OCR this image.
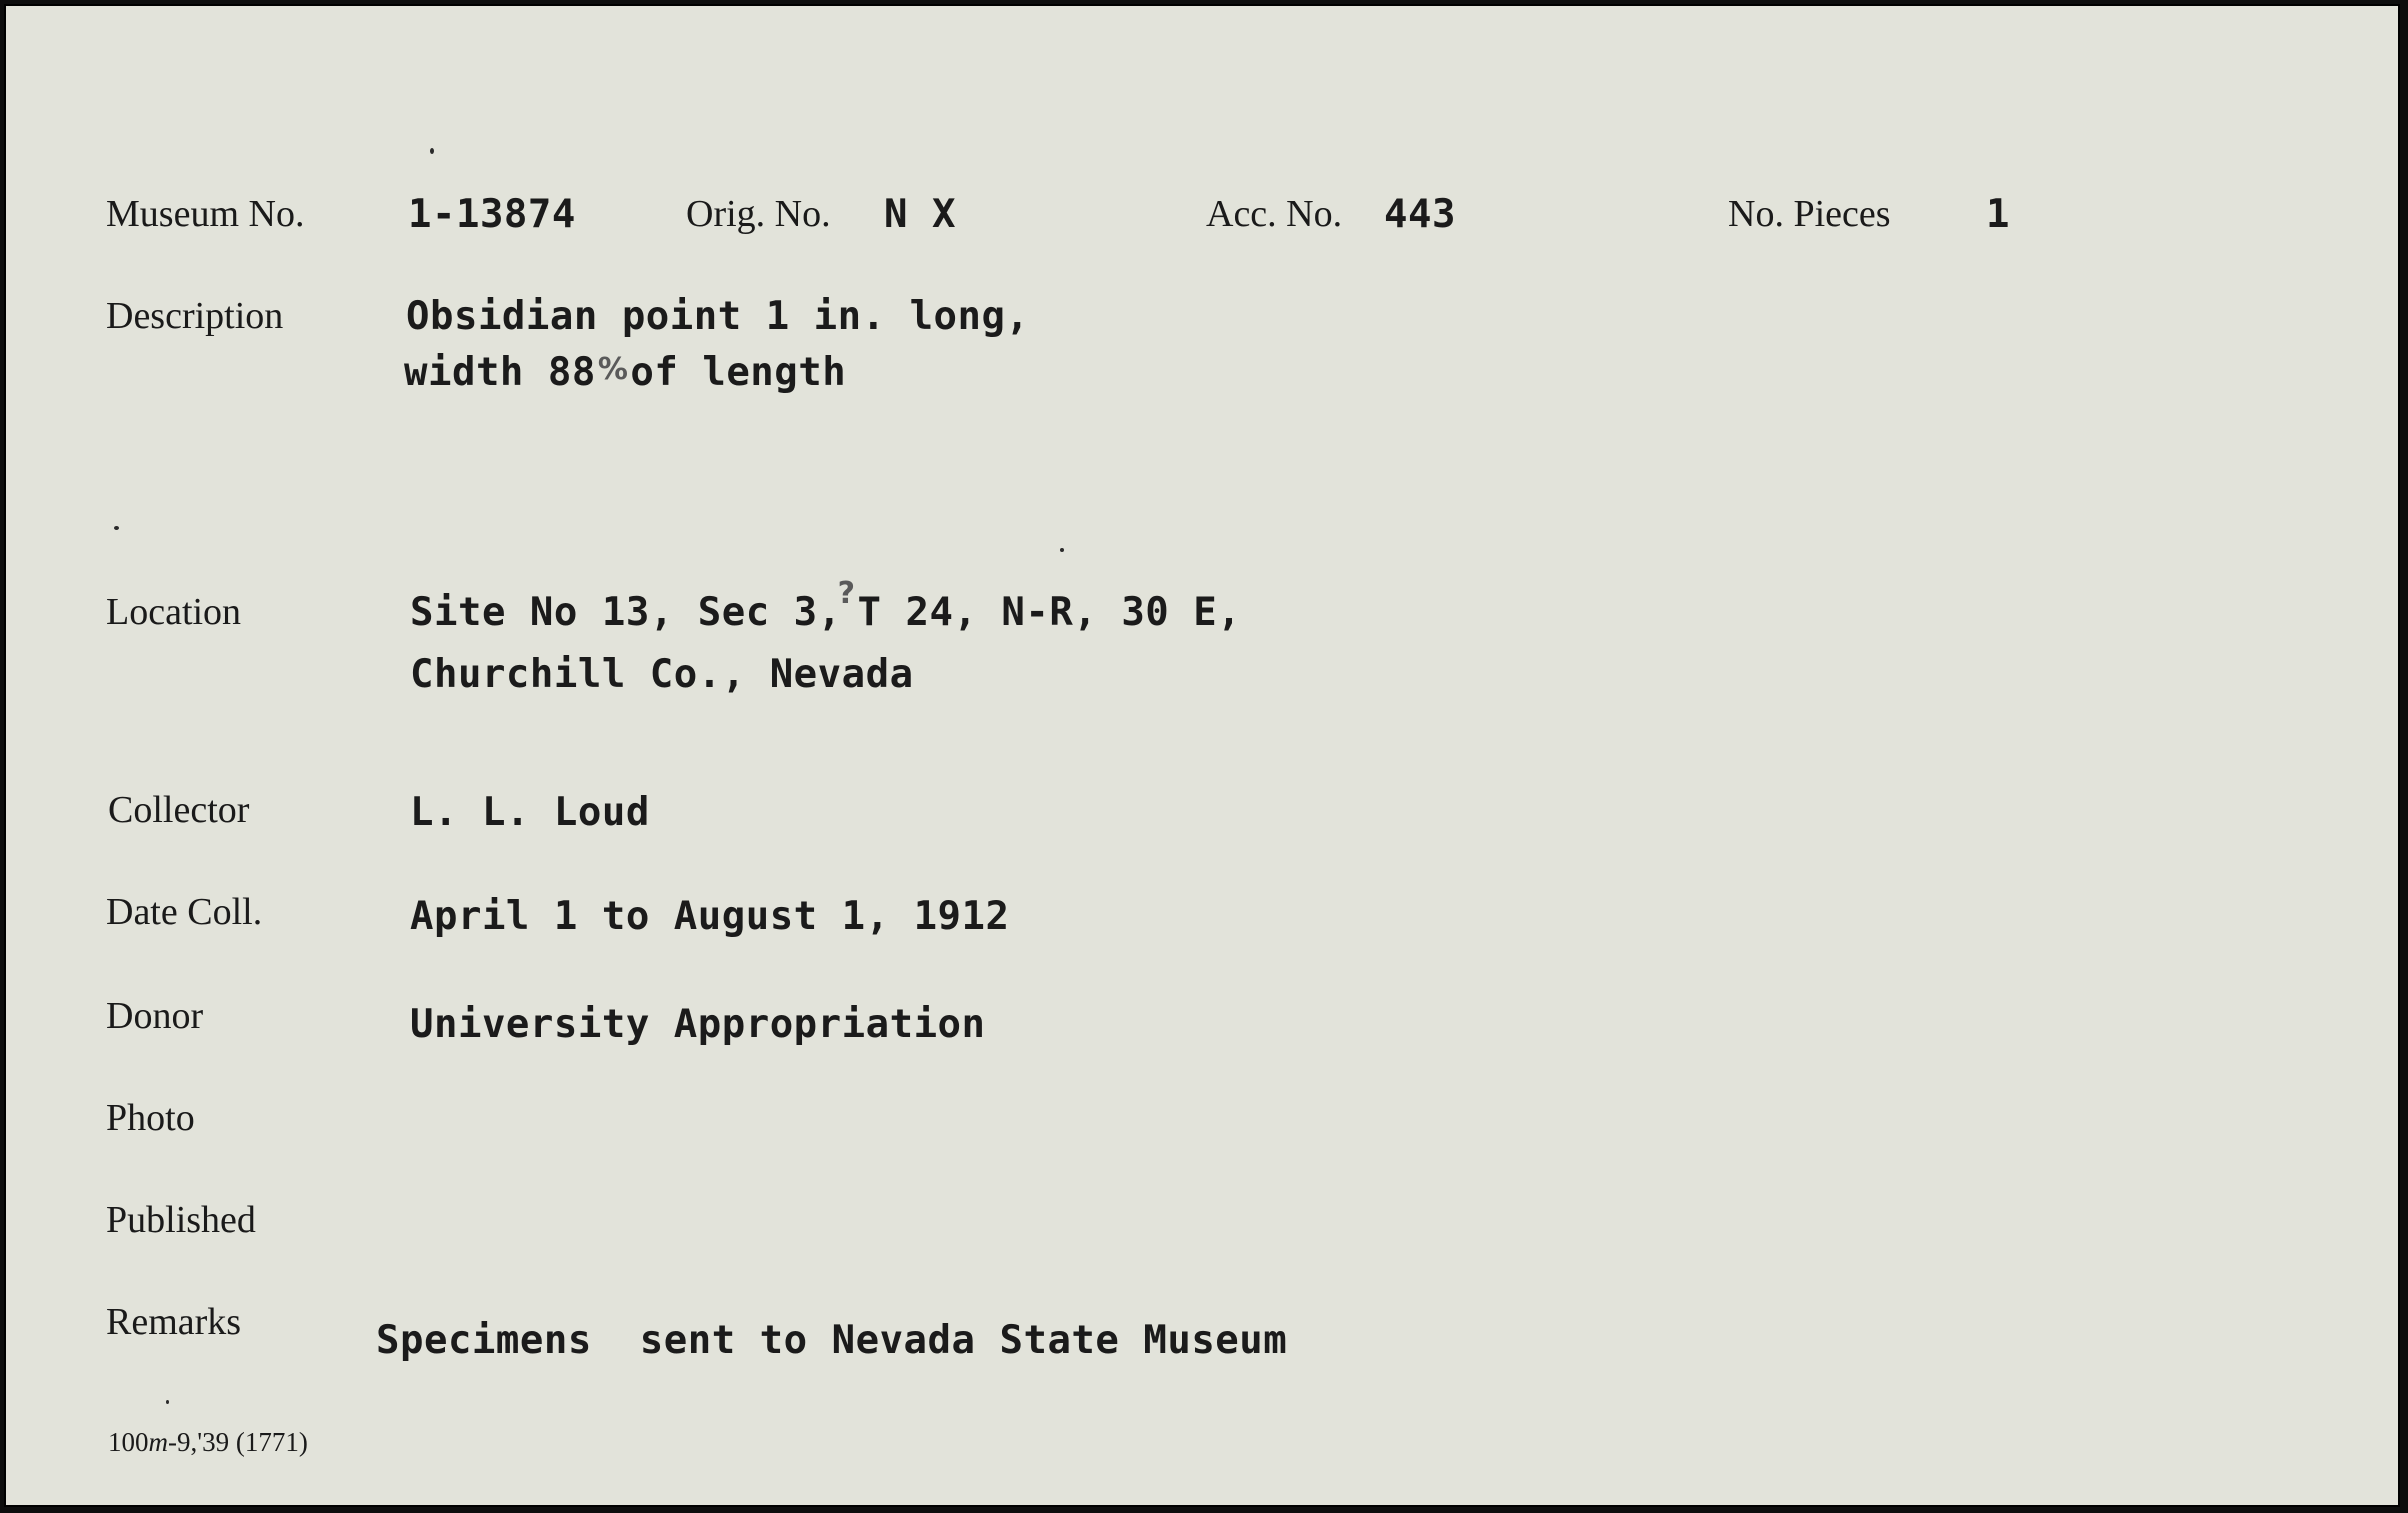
Museum No.	1-13874	Orig. No. N X	Acc. No. 443	No. Pieces 1
Description	Obsidian point 1 in. long,
width 88%of length
Location	Site No 13, Sec 3,?T 24, N-R, 30 E,
Churchill Co., Nevada
Collector	L. L. Loud
Date Coll.	April 1 to August 1, 1912
Donor	University Appropriation
Photo
Published
Remarks	Specimens  sent to Nevada State Museum
100m-9,'39 (1771)
